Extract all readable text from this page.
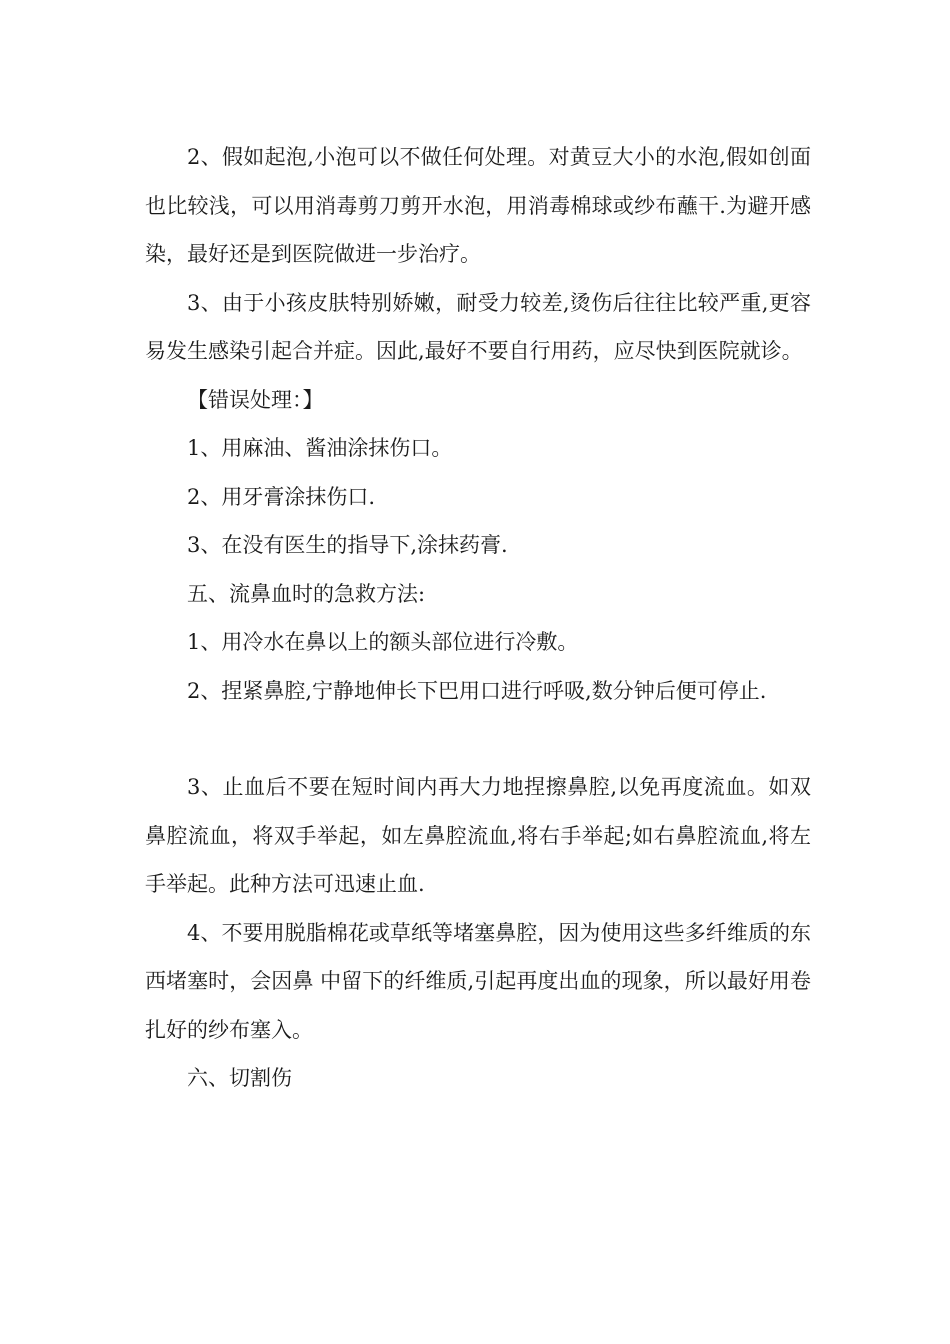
2、假如起泡,小泡可以不做任何处理。对黄豆大小的水泡,假如创面也比较浅，可以用消毒剪刀剪开水泡，用消毒棉球或纱布蘸干.为避开感染，最好还是到医院做进一步治疗。

3、由于小孩皮肤特别娇嫩，耐受力较差,烫伤后往往比较严重,更容易发生感染引起合并症。因此,最好不要自行用药，应尽快到医院就诊。

【错误处理：】

1、用麻油、酱油涂抹伤口。

2、用牙膏涂抹伤口.

3、在没有医生的指导下,涂抹药膏.

五、流鼻血时的急救方法:

1、用冷水在鼻以上的额头部位进行冷敷。

2、捏紧鼻腔,宁静地伸长下巴用口进行呼吸,数分钟后便可停止.

3、止血后不要在短时间内再大力地捏擦鼻腔,以免再度流血。如双鼻腔流血，将双手举起，如左鼻腔流血,将右手举起;如右鼻腔流血,将左手举起。此种方法可迅速止血.

4、不要用脱脂棉花或草纸等堵塞鼻腔，因为使用这些多纤维质的东西堵塞时，会因鼻 中留下的纤维质,引起再度出血的现象，所以最好用卷扎好的纱布塞入。

六、切割伤
